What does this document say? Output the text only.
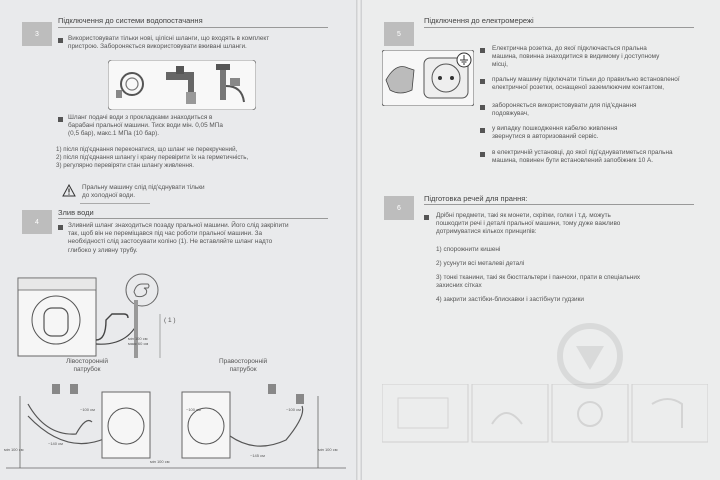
3
Підключення до системи водопостачання
Використовувати тільки нові, цілісні шланги, що входять в комплект
пристрою. Забороняється використовувати вживані шланги.
Шланг подачі води з прокладками знаходиться в
барабані пральної машини. Тиск води мін. 0,05 МПа
(0,5 бар), макс.1 МПа (10 бар).
1) після під'єднання переконатися, що шланг не перекручений,
2) після під'єднання шлангу і крану перевірити їх на герметичність,
3) регулярно перевіряти стан шлангу живлення.
Пральну машину слід під'єднувати тільки
до холодної води.
4
Злив води
Зливний шланг знаходиться позаду пральної машини. Його слід закріпити
так, щоб він не переміщався під час роботи пральної машини. За
необхідності слід застосувати коліно (1). Не вставляйте шланг надто
глибоко у зливну трубу.
( 1 )
мін 100 см
макс 60 см
Лівосторонній
патрубок
Правосторонній
патрубок
~100 см	~100 см
мін 100 см
~100 см
мін 100 см
~140 см
~145 см
мін 100 см
5
Підключення до електромережі
Електрична розетка, до якої підключається пральна
машина, повинна знаходитися в видимому і доступному
місці,
пральну машину підключати тільки до правильно встановленої
електричної розетки, оснащеної заземлюючим контактом,
забороняється використовувати для під'єднання
подовжувач,
у випадку пошкодження кабелю живлення
звернутися в авторизований сервіс.
в електричній установці, до якої під'єднуватиметься пральна
машина, повинен бути встановлений запобіжник 10 А.
6
Підготовка речей для прання:
Дрібні предмети, такі як монети, скріпки, голки і т.д. можуть
пошкодити речі і деталі пральної машини, тому дуже важливо
дотримуватися кількох принципів:
1) спорожнити кишені
2) усунути всі металеві деталі
3) тонкі тканини, такі як бюстгальтери і панчохи, прати в спеціальних
захисних сітках
4) закрити застібки-блискавки і застібнути гудзики
